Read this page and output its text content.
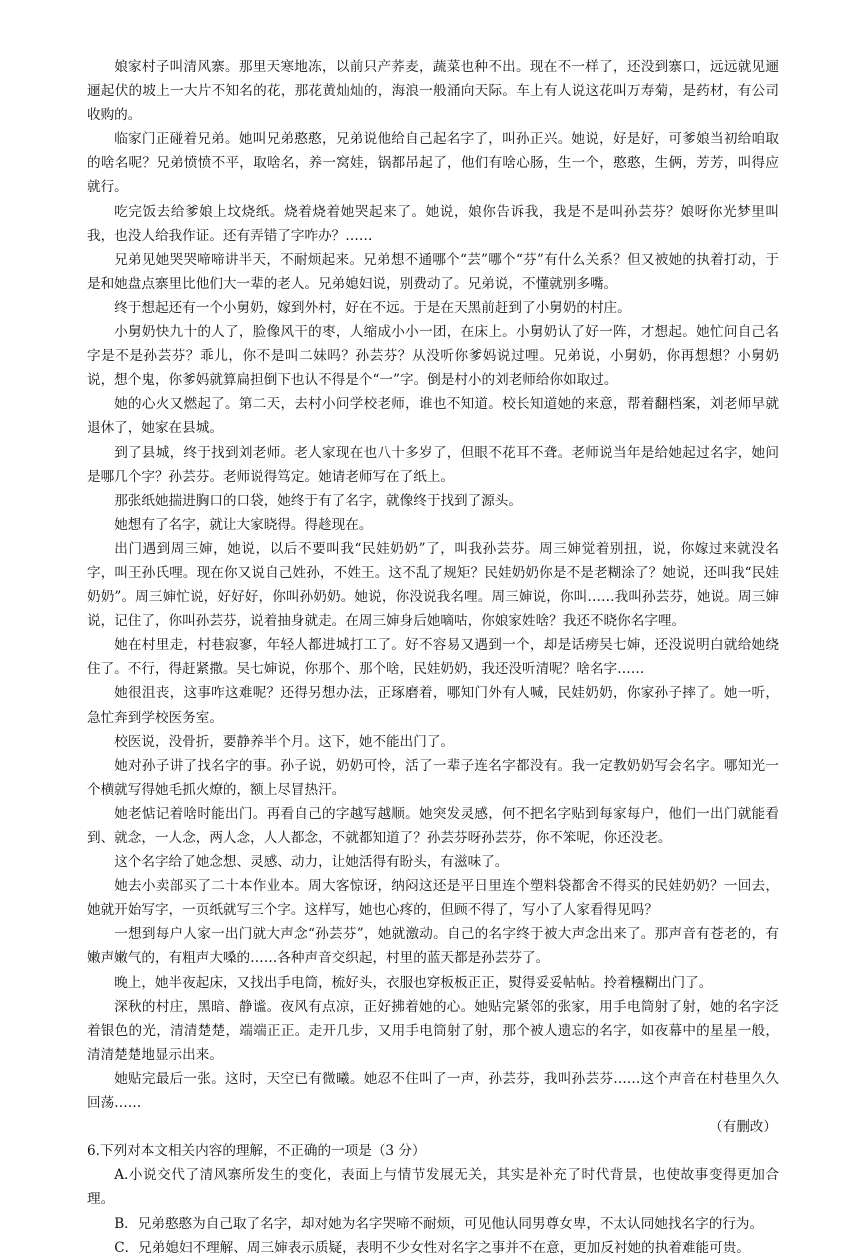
娘家村子叫清风寨。那里天寒地冻，以前只产荞麦，蔬菜也种不出。现在不一样了，还没到寨口，远远就见逦逦起伏的坡上一大片不知名的花，那花黄灿灿的，海浪一般涌向天际。车上有人说这花叫万寿菊，是药材，有公司收购的。

临家门正碰着兄弟。她叫兄弟憨憨，兄弟说他给自己起名字了，叫孙正兴。她说，好是好，可爹娘当初给咱取的啥名呢？兄弟愤愤不平，取啥名，养一窝娃，锅都吊起了，他们有啥心肠，生一个，憨憨，生俩，芳芳，叫得应就行。

吃完饭去给爹娘上坟烧纸。烧着烧着她哭起来了。她说，娘你告诉我，我是不是叫孙芸芬？娘呀你光梦里叫我，也没人给我作证。还有弄错了字咋办？……

兄弟见她哭哭啼啼讲半天，不耐烦起来。兄弟想不通哪个“芸”哪个“芬”有什么关系？但又被她的执着打动，于是和她盘点寨里比他们大一辈的老人。兄弟媳妇说，别费动了。兄弟说，不懂就别多嘴。

终于想起还有一个小舅奶，嫁到外村，好在不远。于是在天黑前赶到了小舅奶的村庄。

小舅奶快九十的人了，脸像风干的枣，人缩成小小一团，在床上。小舅奶认了好一阵，才想起。她忙问自己名字是不是孙芸芬？乖儿，你不是叫二妹吗？孙芸芬？从没听你爹妈说过哩。兄弟说，小舅奶，你再想想？小舅奶说，想个鬼，你爹妈就算扁担倒下也认不得是个“一”字。倒是村小的刘老师给你如取过。

她的心火又燃起了。第二天，去村小问学校老师，谁也不知道。校长知道她的来意，帮着翻档案，刘老师早就退休了，她家在县城。

到了县城，终于找到刘老师。老人家现在也八十多岁了，但眼不花耳不聋。老师说当年是给她起过名字，她问是哪几个字？孙芸芬。老师说得笃定。她请老师写在了纸上。

那张纸她揣进胸口的口袋，她终于有了名字，就像终于找到了源头。

她想有了名字，就让大家晓得。得趁现在。

出门遇到周三婶，她说，以后不要叫我“民娃奶奶”了，叫我孙芸芬。周三婶觉着别扭，说，你嫁过来就没名字，叫王孙氏哩。现在你又说自己姓孙，不姓王。这不乱了规矩？民娃奶奶你是不是老糊涂了？她说，还叫我“民娃奶奶”。周三婶忙说，好好好，你叫孙奶奶。她说，你没说我名哩。周三婶说，你叫……我叫孙芸芬，她说。周三婶说，记住了，你叫孙芸芬，说着抽身就走。在周三婶身后她嘀咕，你娘家姓啥？我还不晓你名字哩。

她在村里走，村巷寂寥，年轻人都进城打工了。好不容易又遇到一个，却是话痨吴七婶，还没说明白就给她绕住了。不行，得赶紧撒。吴七婶说，你那个、那个啥，民娃奶奶，我还没听清呢？啥名字……

她很沮丧，这事咋这难呢？还得另想办法，正琢磨着，哪知门外有人喊，民娃奶奶，你家孙子摔了。她一听，急忙奔到学校医务室。

校医说，没骨折，要静养半个月。这下，她不能出门了。

她对孙子讲了找名字的事。孙子说，奶奶可怜，活了一辈子连名字都没有。我一定教奶奶写会名字。哪知光一个横就写得她毛抓火燎的，额上尽冒热汗。

她老惦记着啥时能出门。再看自己的字越写越顺。她突发灵感，何不把名字贴到每家每户，他们一出门就能看到、就念，一人念，两人念，人人都念，不就都知道了？孙芸芬呀孙芸芬，你不笨呢，你还没老。

这个名字给了她念想、灵感、动力，让她活得有盼头，有滋味了。

她去小卖部买了二十本作业本。周大客惊讶，纳闷这还是平日里连个塑料袋都舍不得买的民娃奶奶？一回去，她就开始写字，一页纸就写三个字。这样写，她也心疼的，但顾不得了，写小了人家看得见吗？

一想到每户人家一出门就大声念“孙芸芬”，她就激动。自己的名字终于被大声念出来了。那声音有苍老的，有嫩声嫩气的，有粗声大嗓的……各种声音交织起，村里的蓝天都是孙芸芬了。

晚上，她半夜起床，又找出手电筒，梳好头，衣服也穿板板正正，熨得妥妥帖帖。拎着糨糊出门了。

深秋的村庄，黑暗、静谧。夜风有点凉，正好拂着她的心。她贴完紧邻的张家，用手电筒射了射，她的名字泛着银色的光，清清楚楚，端端正正。走开几步，又用手电筒射了射，那个被人遗忘的名字，如夜幕中的星星一般，清清楚楚地显示出来。

她贴完最后一张。这时，天空已有微曦。她忍不住叫了一声，孙芸芬，我叫孙芸芬……这个声音在村巷里久久回荡……

（有删改）

6.下列对本文相关内容的理解，不正确的一项是（3 分）

A.小说交代了清风寨所发生的变化，表面上与情节发展无关，其实是补充了时代背景，也使故事变得更加合理。

B．兄弟憨憨为自己取了名字，却对她为名字哭啼不耐烦，可见他认同男尊女卑，不太认同她找名字的行为。

C．兄弟媳妇不理解、周三婶表示质疑，表明不少女性对名字之事并不在意，更加反衬她的执着难能可贵。
